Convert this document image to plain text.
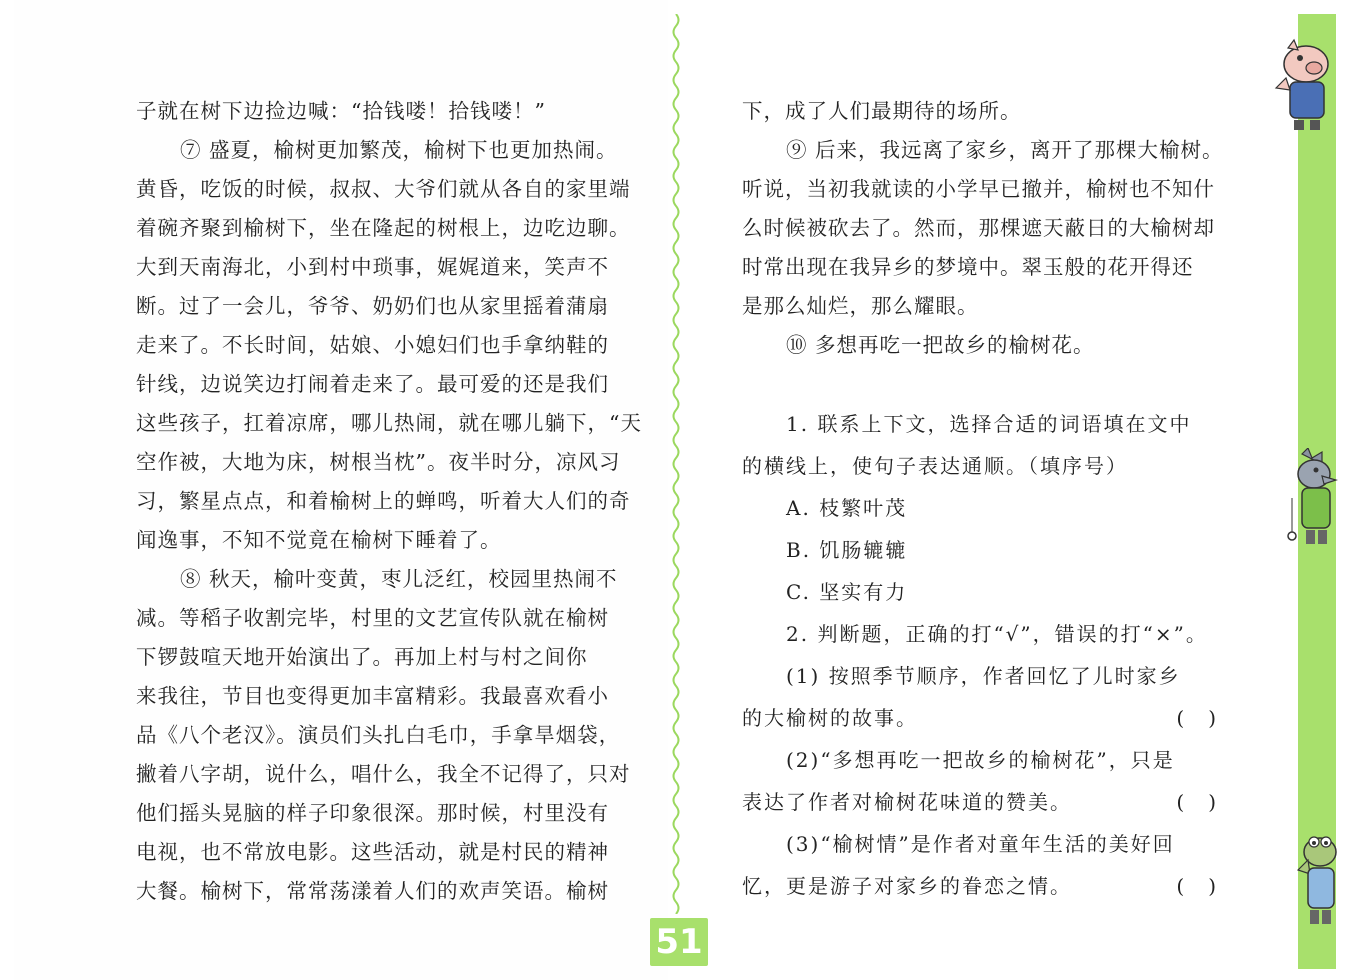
子就在树下边捡边喊：“拾钱喽！拾钱喽！”
⑦ 盛夏，榆树更加繁茂，榆树下也更加热闹。
黄昏，吃饭的时候，叔叔、大爷们就从各自的家里端
着碗齐聚到榆树下，坐在隆起的树根上，边吃边聊。
大到天南海北，小到村中琐事，娓娓道来，笑声不
断。过了一会儿，爷爷、奶奶们也从家里摇着蒲扇
走来了。不长时间，姑娘、小媳妇们也手拿纳鞋的
针线，边说笑边打闹着走来了。最可爱的还是我们
这些孩子，扛着凉席，哪儿热闹，就在哪儿躺下，“天
空作被，大地为床，树根当枕”。夜半时分，凉风习
习，繁星点点，和着榆树上的蝉鸣，听着大人们的奇
闻逸事，不知不觉竟在榆树下睡着了。
⑧ 秋天，榆叶变黄，枣儿泛红，校园里热闹不
减。等稻子收割完毕，村里的文艺宣传队就在榆树
下锣鼓喧天地开始演出了。再加上村与村之间你
来我往，节目也变得更加丰富精彩。我最喜欢看小
品《八个老汉》。演员们头扎白毛巾，手拿旱烟袋，
撇着八字胡，说什么，唱什么，我全不记得了，只对
他们摇头晃脑的样子印象很深。那时候，村里没有
电视，也不常放电影。这些活动，就是村民的精神
大餐。榆树下，常常荡漾着人们的欢声笑语。榆树
下，成了人们最期待的场所。
⑨ 后来，我远离了家乡，离开了那棵大榆树。
听说，当初我就读的小学早已撤并，榆树也不知什
么时候被砍去了。然而，那棵遮天蔽日的大榆树却
时常出现在我异乡的梦境中。翠玉般的花开得还
是那么灿烂，那么耀眼。
⑩ 多想再吃一把故乡的榆树花。
1. 联系上下文，选择合适的词语填在文中
的横线上，使句子表达通顺。（填序号）
A. 枝繁叶茂
B. 饥肠辘辘
C. 坚实有力
2. 判断题，正确的打“√”，错误的打“×”。
(1) 按照季节顺序，作者回忆了儿时家乡
的大榆树的故事。	(　)
(2)“多想再吃一把故乡的榆树花”，只是
表达了作者对榆树花味道的赞美。	(　)
(3)“榆树情”是作者对童年生活的美好回
忆，更是游子对家乡的眷恋之情。	(　)
51
